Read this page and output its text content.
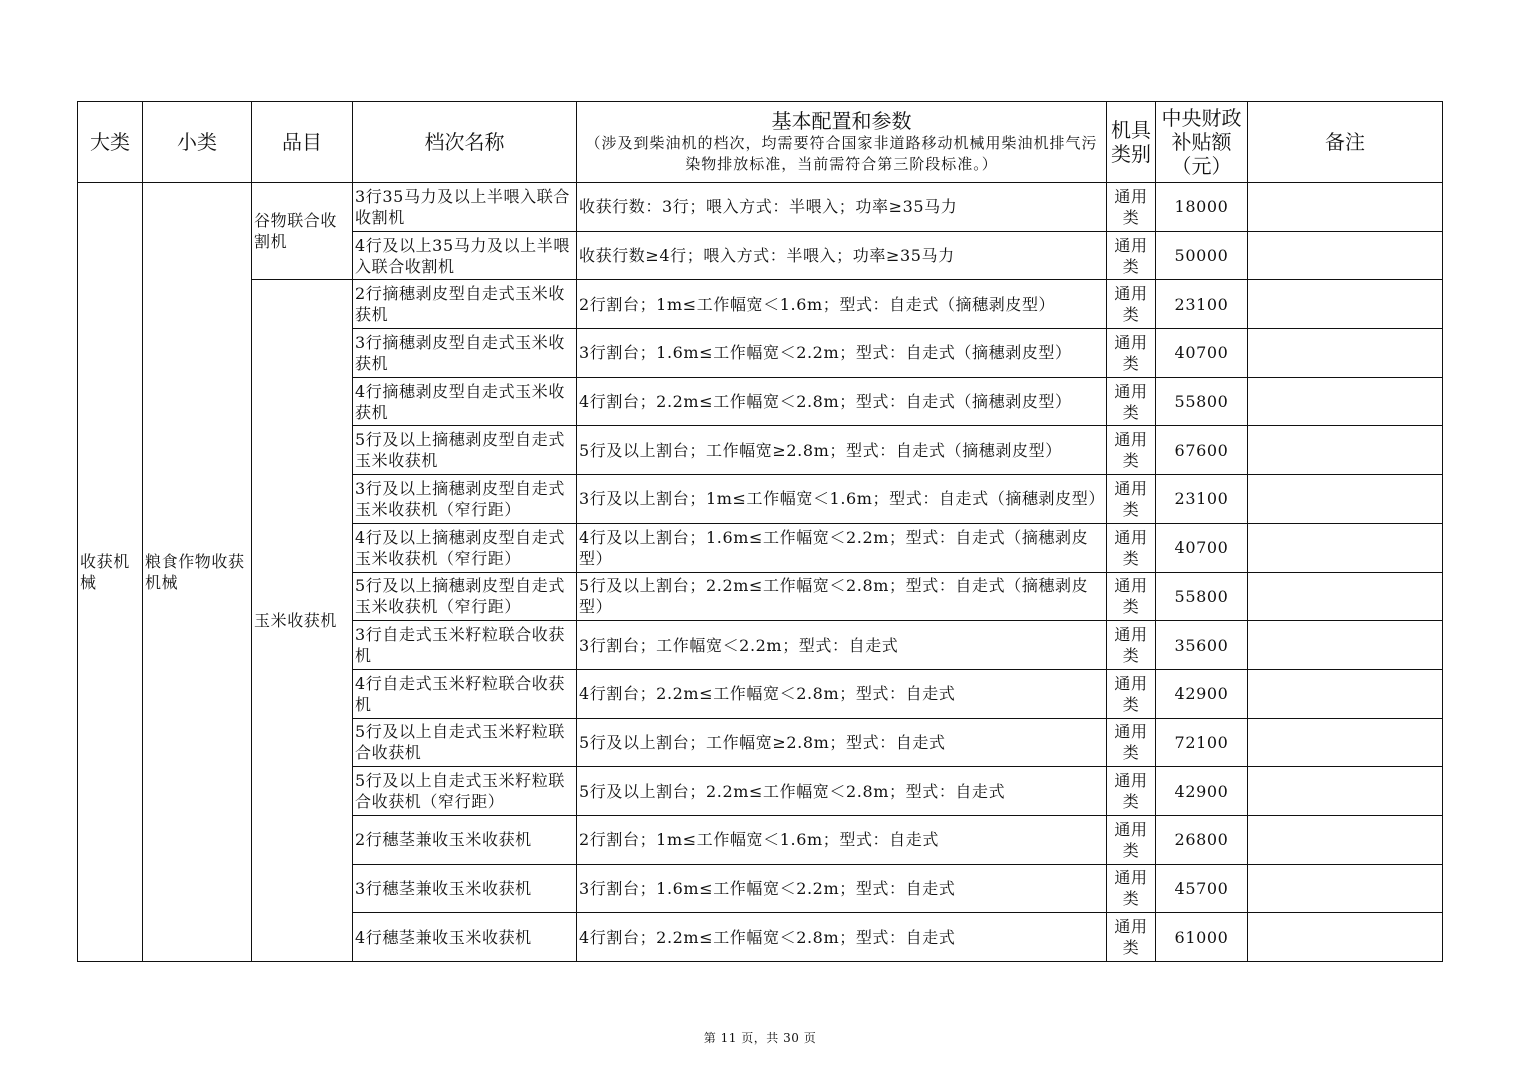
大类	小类	品目	档次名称	基本配置和参数
（涉及到柴油机的档次，均需要符合国家非道路移动机械用柴油机排气污染物排放标准，当前需符合第三阶段标准。）	机具类别	中央财政补贴额（元）	备注
收获机械	粮食作物收获机械	谷物联合收割机	3行35马力及以上半喂入联合收割机	收获行数：3行；喂入方式：半喂入；功率≥35马力	通用类	18000	
			4行及以上35马力及以上半喂入联合收割机	收获行数≥4行；喂入方式：半喂入；功率≥35马力	通用类	50000	
		玉米收获机	2行摘穗剥皮型自走式玉米收获机	2行割台；1m≤工作幅宽＜1.6m；型式：自走式（摘穗剥皮型）	通用类	23100	
			3行摘穗剥皮型自走式玉米收获机	3行割台；1.6m≤工作幅宽＜2.2m；型式：自走式（摘穗剥皮型）	通用类	40700	
			4行摘穗剥皮型自走式玉米收获机	4行割台；2.2m≤工作幅宽＜2.8m；型式：自走式（摘穗剥皮型）	通用类	55800	
			5行及以上摘穗剥皮型自走式玉米收获机	5行及以上割台；工作幅宽≥2.8m；型式：自走式（摘穗剥皮型）	通用类	67600	
			3行及以上摘穗剥皮型自走式玉米收获机（窄行距）	3行及以上割台；1m≤工作幅宽＜1.6m；型式：自走式（摘穗剥皮型）	通用类	23100	
			4行及以上摘穗剥皮型自走式玉米收获机（窄行距）	4行及以上割台；1.6m≤工作幅宽＜2.2m；型式：自走式（摘穗剥皮型）	通用类	40700	
			5行及以上摘穗剥皮型自走式玉米收获机（窄行距）	5行及以上割台；2.2m≤工作幅宽＜2.8m；型式：自走式（摘穗剥皮型）	通用类	55800	
			3行自走式玉米籽粒联合收获机	3行割台；工作幅宽＜2.2m；型式：自走式	通用类	35600	
			4行自走式玉米籽粒联合收获机	4行割台；2.2m≤工作幅宽＜2.8m；型式：自走式	通用类	42900	
			5行及以上自走式玉米籽粒联合收获机	5行及以上割台；工作幅宽≥2.8m；型式：自走式	通用类	72100	
			5行及以上自走式玉米籽粒联合收获机（窄行距）	5行及以上割台；2.2m≤工作幅宽＜2.8m；型式：自走式	通用类	42900	
			2行穗茎兼收玉米收获机	2行割台；1m≤工作幅宽＜1.6m；型式：自走式	通用类	26800	
			3行穗茎兼收玉米收获机	3行割台；1.6m≤工作幅宽＜2.2m；型式：自走式	通用类	45700	
			4行穗茎兼收玉米收获机	4行割台；2.2m≤工作幅宽＜2.8m；型式：自走式	通用类	61000	
第 11 页，共 30 页
